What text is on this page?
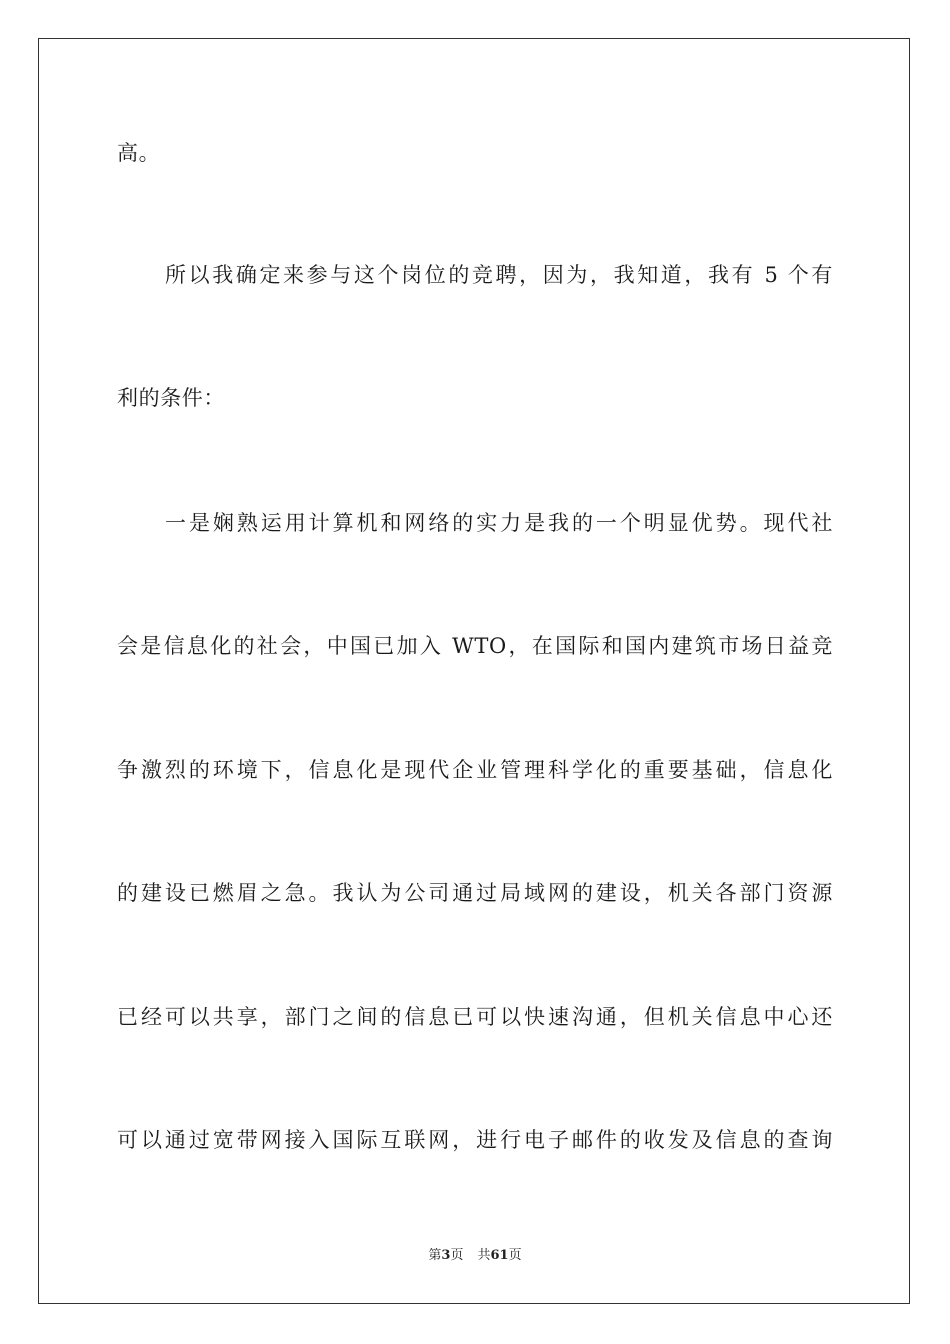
高。
所以我确定来参与这个岗位的竞聘，因为，我知道，我有 5 个有
利的条件：
一是娴熟运用计算机和网络的实力是我的一个明显优势。现代社
会是信息化的社会，中国已加入 WTO，在国际和国内建筑市场日益竞
争激烈的环境下，信息化是现代企业管理科学化的重要基础，信息化
的建设已燃眉之急。我认为公司通过局域网的建设，机关各部门资源
已经可以共享，部门之间的信息已可以快速沟通，但机关信息中心还
可以通过宽带网接入国际互联网，进行电子邮件的收发及信息的查询
第3页 共61页
